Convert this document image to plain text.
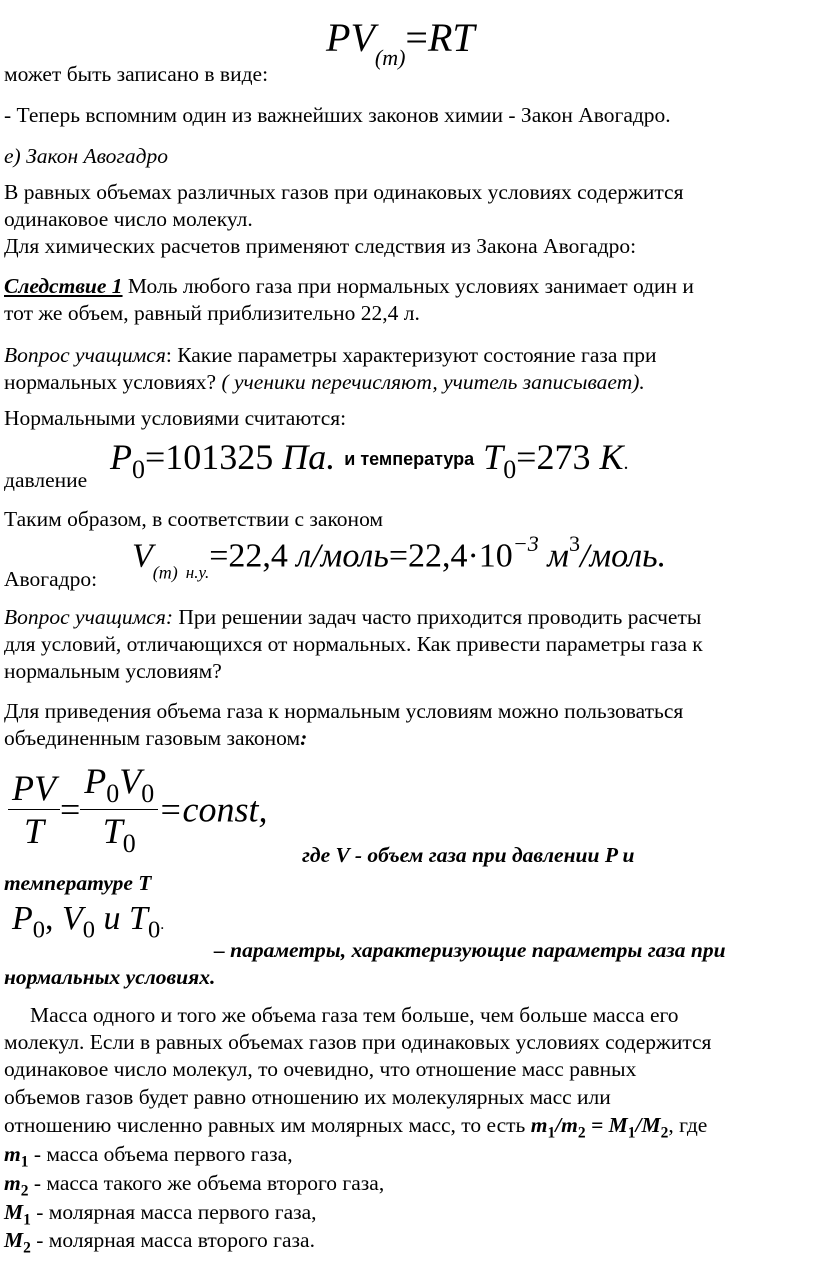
$PV_{(m)}=RT$
может быть записано в виде:
- Теперь вспомним один из важнейших законов химии - Закон Авогадро.
е) Закон Авогадро
В равных объемах различных газов при одинаковых условиях содержится
одинаковое число молекул.
Для химических расчетов применяют следствия из Закона Авогадро:
Следствие 1 Моль любого газа при нормальных условиях занимает один и
тот же объем, равный приблизительно 22,4 л.
Вопрос учащимся: Какие параметры характеризуют состояние газа при
нормальных условиях? ( ученики перечисляют, учитель записывает).
Нормальными условиями считаются:
давление
$P_0=101325$ Па. и температура $T_0=273$ K.
Таким образом, в соответствии с законом
Авогадро:
$V_{(m)}$ $_{н.у.}$=22,4 $л/моль=22,4\cdot 10^{-3}$ $м^3$/моль.
Вопрос учащимся: При решении задач часто приходится проводить расчеты
для условий, отличающихся от нормальных. Как привести параметры газа к
нормальным условиям?
Для приведения объема газа к нормальным условиям можно пользоваться
объединенным газовым законом:
$\frac{PV}{T} = \frac{P_0V_0}{T_0}$ =const,
где V - объем газа при давлении P и
температуре T
$P_0$, $V_0$ и $T_0$.
– параметры, характеризующие параметры газа при
нормальных условиях.
Масса одного и того же объема газа тем больше, чем больше масса его
молекул. Если в равных объемах газов при одинаковых условиях содержится
одинаковое число молекул, то очевидно, что отношение масс равных
объемов газов будет равно отношению их молекулярных масс или
отношению численно равных им молярных масс, то есть $m_1/m_2 = M_1/M_2$, где
$m_1$ - масса объема первого газа,
$m_2$ - масса такого же объема второго газа,
$M_1$ - молярная масса первого газа,
$M_2$ - молярная масса второго газа.
